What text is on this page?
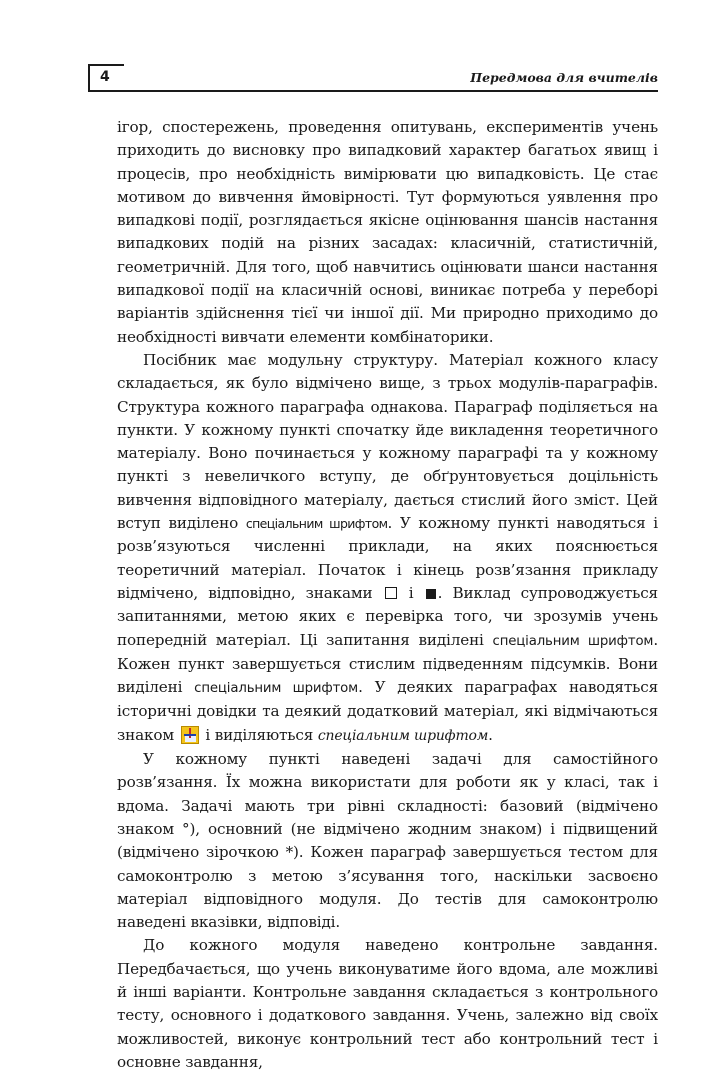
4	Передмова для вчителів

ігор, спостережень, проведення опитувань, експериментів учень приходить до висновку про випадковий характер багатьох явищ і процесів, про необхідність вимірювати цю випадковість. Це стає мотивом до вивчення ймовірності. Тут формуються уявлення про випадкові події, розглядається якісне оцінювання шансів настання випадкових подій на різних засадах: класичній, статистичній, геометричній. Для того, щоб навчитись оцінювати шанси настання випадкової події на класичній основі, виникає потреба у переборі варіантів здійснення тієї чи іншої дії. Ми природно приходимо до необхідності вивчати елементи комбінаторики.

Посібник має модульну структуру. Матеріал кожного класу складається, як було відмічено вище, з трьох модулів-параграфів. Структура кожного параграфа однакова. Параграф поділяється на пункти. У кожному пункті спочатку йде викладення теоретичного матеріалу. Воно починається у кожному параграфі та у кожному пункті з невеличкого вступу, де обґрунтовується доцільність вивчення відповідного матеріалу, дається стислий його зміст. Цей вступ виділено спеціальним шрифтом. У кожному пункті наводяться і розв’язуються численні приклади, на яких пояснюється теоретичний матеріал. Початок і кінець розв’язання прикладу відмічено, відповідно, знаками  і . Виклад супроводжується запитаннями, метою яких є перевірка того, чи зрозумів учень попередній матеріал. Ці запитання виділені спеціальним шрифтом. Кожен пункт завершується стислим підведенням підсумків. Вони виділені спеціальним шрифтом. У деяких параграфах наводяться історичні довідки та деякий додатковий матеріал, які відмічаються знаком  і виділяються спеціальним шрифтом.

У кожному пункті наведені задачі для самостійного розв’язання. Їх можна використати для роботи як у класі, так і вдома. Задачі мають три рівні складності: базовий (відмічено знаком °), основний (не відмічено жодним знаком) і підвищений (відмічено зірочкою *). Кожен параграф завершується тестом для самоконтролю з метою з’ясування того, наскільки засвоєно матеріал відповідного модуля. До тестів для самоконтролю наведені вказівки, відповіді.

До кожного модуля наведено контрольне завдання. Передбачається, що учень виконуватиме його вдома, але можливі й інші варіанти. Контрольне завдання складається з контрольного тесту, основного і додаткового завдання. Учень, залежно від своїх можливостей, виконує контрольний тест або контрольний тест і основне завдання,
